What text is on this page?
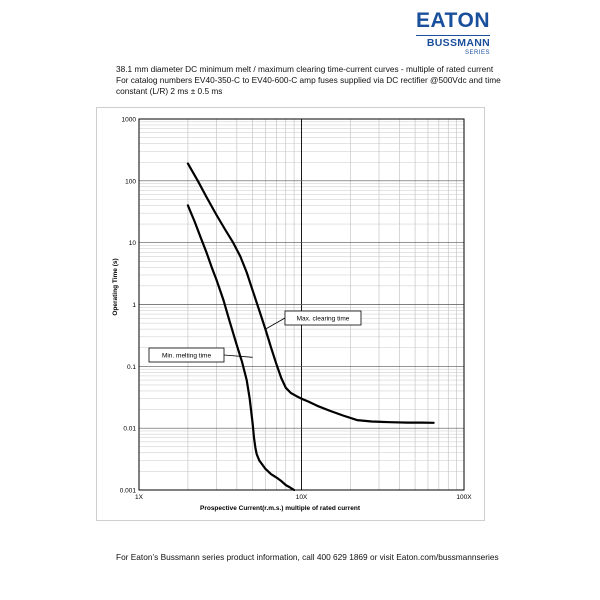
EATON
BUSSMANN
SERIES
38.1 mm diameter DC minimum melt / maximum clearing time-current curves - multiple of rated current
For catalog numbers EV40-350-C to EV40-600-C amp fuses supplied via DC rectifier @500Vdc and time
constant (L/R) 2 ms ± 0.5 ms
0.001
0.01
0.1
1
10
100
1000
1X	10X	100X
Max. clearing time
Min. melting time
Operating Time (s)
Prospective Current(r.m.s.) multiple of rated current
For Eaton’s Bussmann series product information, call 400 629 1869 or visit Eaton.com/bussmannseries
